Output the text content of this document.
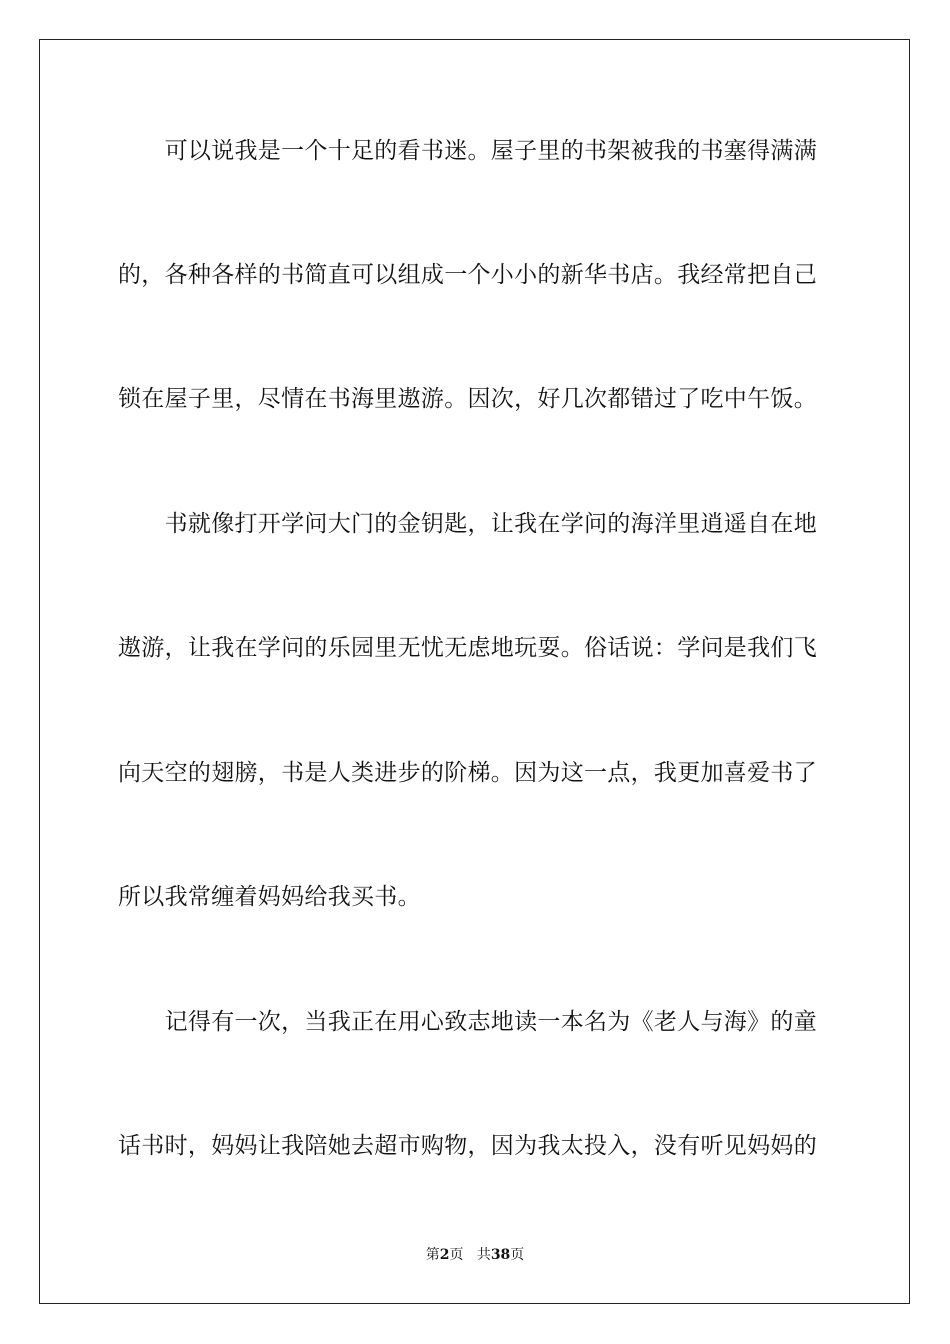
　　可以说我是一个十足的看书迷。屋子里的书架被我的书塞得满满
的，各种各样的书简直可以组成一个小小的新华书店。我经常把自己
锁在屋子里，尽情在书海里遨游。因次，好几次都错过了吃中午饭。
　　书就像打开学问大门的金钥匙，让我在学问的海洋里逍遥自在地
遨游，让我在学问的乐园里无忧无虑地玩耍。俗话说：学问是我们飞
向天空的翅膀，书是人类进步的阶梯。因为这一点，我更加喜爱书了
所以我常缠着妈妈给我买书。
　　记得有一次，当我正在用心致志地读一本名为《老人与海》的童
话书时，妈妈让我陪她去超市购物，因为我太投入，没有听见妈妈的
第2页 共38页
